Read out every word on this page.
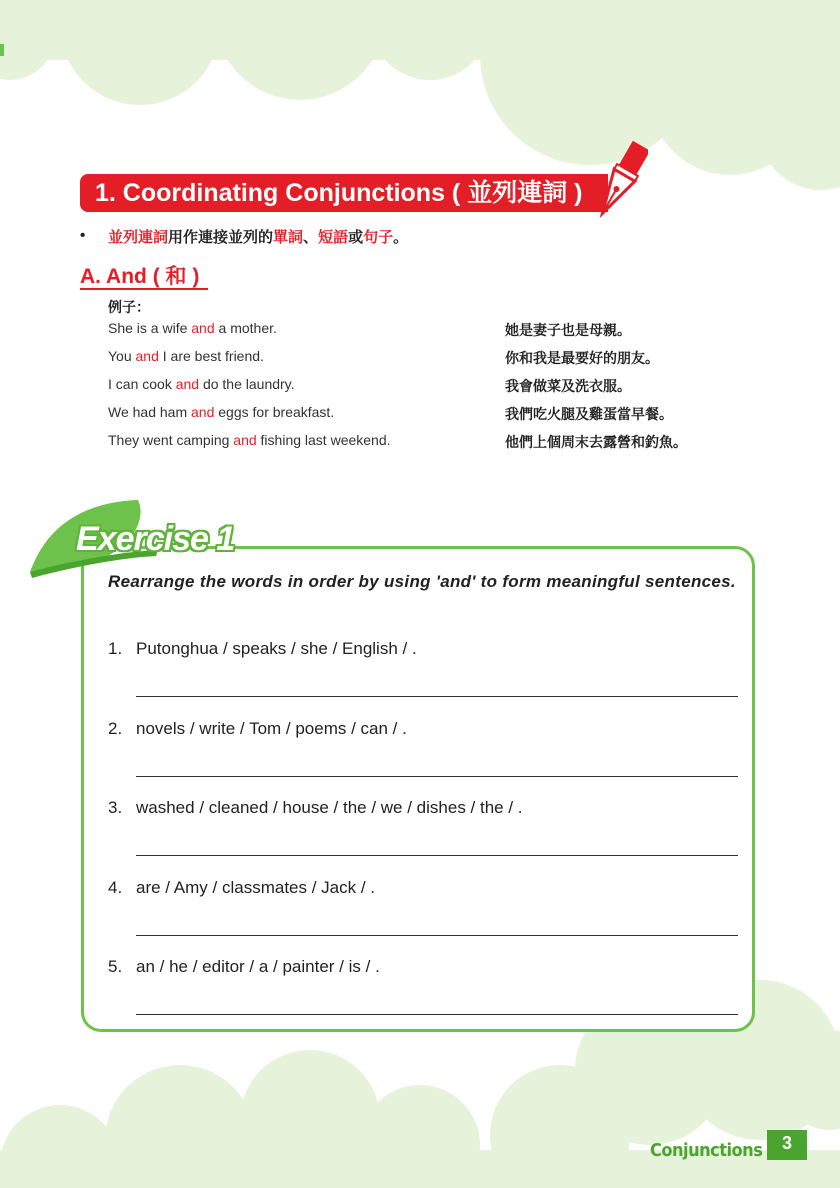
1. Coordinating Conjunctions ( 並列連詞 )
• 並列連詞用作連接並列的單詞、短語或句子。
A. And ( 和 )
例子：
She is a wife and a mother.	她是妻子也是母親。
You and I are best friend.	你和我是最要好的朋友。
I can cook and do the laundry.	我會做菜及洗衣服。
We had ham and eggs for breakfast.	我們吃火腿及雞蛋當早餐。
They went camping and fishing last weekend.	他們上個周末去露營和釣魚。
Exercise 1
Rearrange the words in order by using 'and' to form meaningful sentences.
1. Putonghua / speaks / she / English / .
2. novels / write / Tom / poems / can / .
3. washed / cleaned / house / the / we / dishes / the / .
4. are / Amy / classmates / Jack / .
5. an / he / editor / a / painter / is / .
Conjunctions	3
